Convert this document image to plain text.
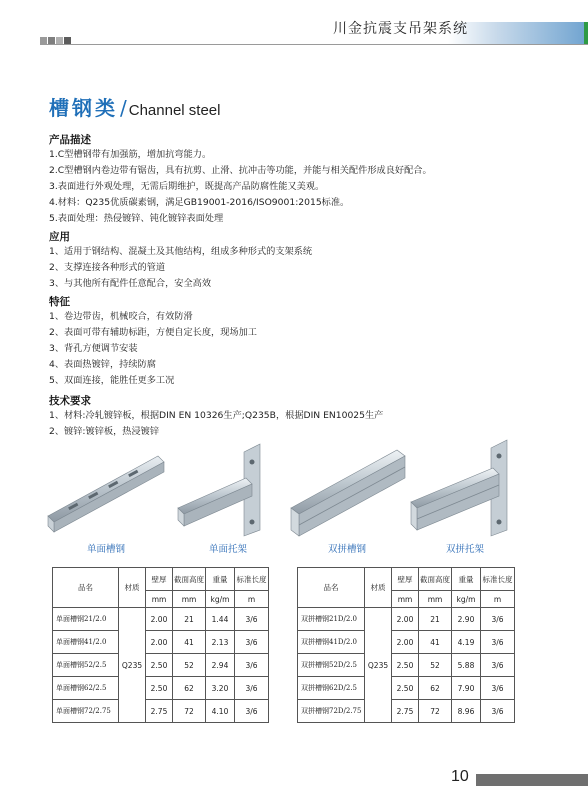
川金抗震支吊架系统
槽钢类 / Channel steel
产品描述
1.C型槽钢带有加强筋，增加抗弯能力。
2.C型槽钢内卷边带有锯齿，具有抗剪、止滑、抗冲击等功能，并能与相关配件形成良好配合。
3.表面进行外观处理，无需后期维护，既提高产品防腐性能又美观。
4.材料：Q235优质碳素钢，满足GB19001-2016/ISO9001:2015标准。
5.表面处理：热侵镀锌、钝化镀锌表面处理
应用
1、适用于钢结构、混凝土及其他结构，组成多种形式的支架系统
2、支撑连接各种形式的管道
3、与其他所有配件任意配合，安全高效
特征
1、卷边带齿，机械咬合，有效防滑
2、表面可带有辅助标距，方便自定长度，现场加工
3、背孔方便调节安装
4、表面热镀锌，持续防腐
5、双面连接，能胜任更多工况
技术要求
1、材料:冷轧镀锌板，根据DIN EN 10326生产;Q235B，根据DIN EN10025生产
2、镀锌:镀锌板，热浸镀锌
单面槽钢	单面托架	双拼槽钢	双拼托架
品名	材质	壁厚	截面高度	重量	标准长度
		mm	mm	kg/m	m
单面槽钢21/2.0	Q235	2.00	21	1.44	3/6
单面槽钢41/2.0		2.00	41	2.13	3/6
单面槽钢52/2.5		2.50	52	2.94	3/6
单面槽钢62/2.5		2.50	62	3.20	3/6
单面槽钢72/2.75		2.75	72	4.10	3/6
品名	材质	壁厚	截面高度	重量	标准长度
		mm	mm	kg/m	m
双拼槽钢21D/2.0	Q235	2.00	21	2.90	3/6
双拼槽钢41D/2.0		2.00	41	4.19	3/6
双拼槽钢52D/2.5		2.50	52	5.88	3/6
双拼槽钢62D/2.5		2.50	62	7.90	3/6
双拼槽钢72D/2.75		2.75	72	8.96	3/6
10
